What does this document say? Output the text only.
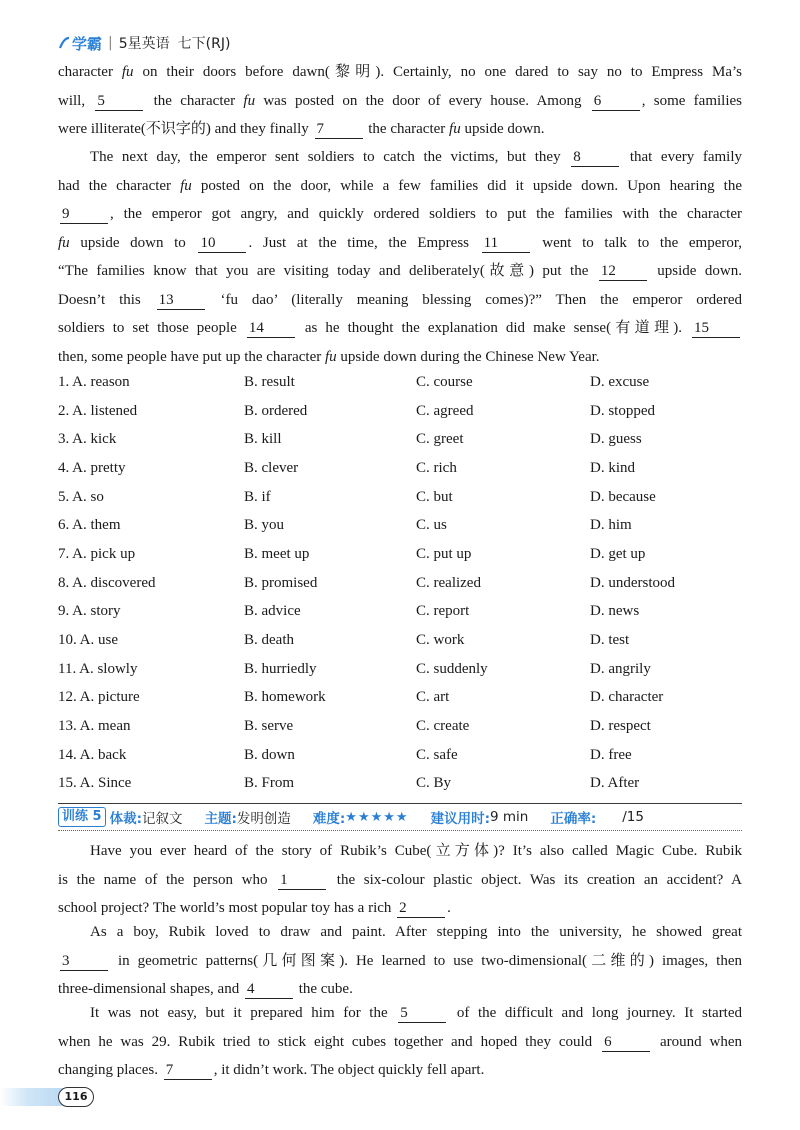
学霸 | 5星英语 七下(RJ)
character fu on their doors before dawn(黎明). Certainly, no one dared to say no to Empress Ma’s
will, 5	the character fu was posted on the door of every house. Among 6	, some families
were illiterate(不识字的) and they finally 7	the character fu upside down.
The next day, the emperor sent soldiers to catch the victims, but they 8	that every family
had the character fu posted on the door, while a few families did it upside down. Upon hearing the
9	, the emperor got angry, and quickly ordered soldiers to put the families with the character
fu upside down to 10 . Just at the time, the Empress 11 went to talk to the emperor,
“The families know that you are visiting today and deliberately(故意) put the 12 upside down.
Doesn’t this 13 ‘fu dao’ (literally meaning blessing comes)?” Then the emperor ordered
soldiers to set those people 14 as he thought the explanation did make sense(有道理). 15
then, some people have put up the character fu upside down during the Chinese New Year.
1. A. reason	B. result	C. course	D. excuse
2. A. listened	B. ordered	C. agreed	D. stopped
3. A. kick	B. kill	C. greet	D. guess
4. A. pretty	B. clever	C. rich	D. kind
5. A. so	B. if	C. but	D. because
6. A. them	B. you	C. us	D. him
7. A. pick up	B. meet up	C. put up	D. get up
8. A. discovered	B. promised	C. realized	D. understood
9. A. story	B. advice	C. report	D. news
10. A. use	B. death	C. work	D. test
11. A. slowly	B. hurriedly	C. suddenly	D. angrily
12. A. picture	B. homework	C. art	D. character
13. A. mean	B. serve	C. create	D. respect
14. A. back	B. down	C. safe	D. free
15. A. Since	B. From	C. By	D. After
训练 5 体裁: 记叙文 主题: 发明创造 难度: ★★★★★ 建议用时: 9 min 正确率: /15
Have you ever heard of the story of Rubik’s Cube(立方体)? It’s also called Magic Cube. Rubik
is the name of the person who 1	the six-colour plastic object. Was its creation an accident? A
school project? The world’s most popular toy has a rich 2	.
As a boy, Rubik loved to draw and paint. After stepping into the university, he showed great
3	in geometric patterns(几何图案). He learned to use two-dimensional(二维的) images, then
three-dimensional shapes, and 4	the cube.
It was not easy, but it prepared him for the 5	of the difficult and long journey. It started
when he was 29. Rubik tried to stick eight cubes together and hoped they could 6	around when
changing places. 7	, it didn’t work. The object quickly fell apart.
116
